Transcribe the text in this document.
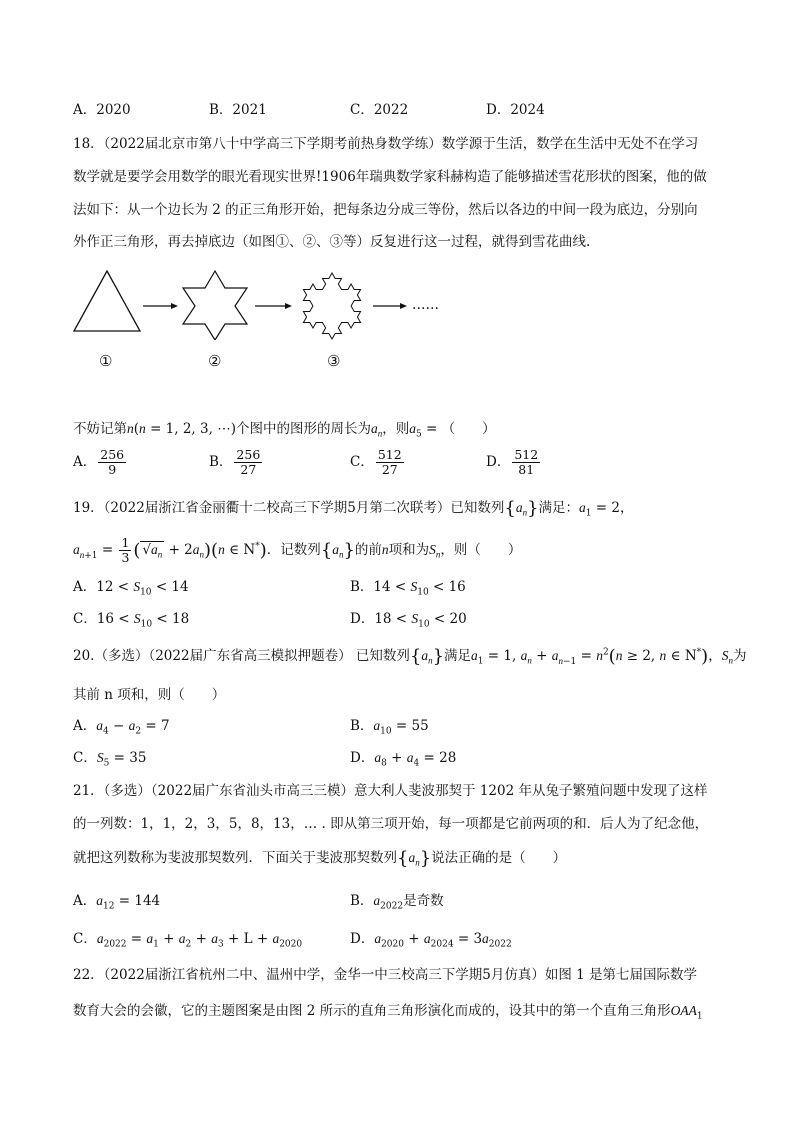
A．2020	B．2021	C．2022	D．2024
18．（2022届北京市第八十中学高三下学期考前热身数学练）数学源于生活，数学在生活中无处不在学习
数学就是要学会用数学的眼光看现实世界!1906年瑞典数学家科赫构造了能够描述雪花形状的图案，他的做
法如下：从一个边长为 2 的正三角形开始，把每条边分成三等份，然后以各边的中间一段为底边，分别向
外作正三角形，再去掉底边（如图①、②、③等）反复进行这一过程，就得到雪花曲线.
……
①	②	③
不妨记第n(n = 1, 2, 3, ⋯)个图中的图形的周长为$a_n$，则$a_5$ = （　　）
A． $\frac{256}{9}$	B． $\frac{256}{27}$	C． $\frac{512}{27}$	D． $\frac{512}{81}$
19．（2022届浙江省金丽衢十二校高三下学期5月第二次联考）已知数列$\{a_n\}$满足：$a_1 = 2$，
$a_{n+1} = \frac{1}{3}$ ( $√a_n + 2a_n)(n$ ∈ N*)．记数列$\{a_n\}$的前n项和为$S_n$，则（　　）
A．$12 < S_{10} < 14$	B．$14 < S_{10} < 16$
C．$16 < S_{10} < 18$	D．$18 < S_{10} < 20$
20.（多选）（2022届广东省高三模拟押题卷） 已知数列$\{a_n\}$满足$a_1 = 1$, $a_n + a_{n-1} = n^2(n \ge 2$, n ∈ N*)，$S_n$为
其前 n 项和，则（　　）
A．$a_4 - a_2 = 7$	B．$a_{10} = 55$
C．$S_5 = 35$	D．$a_8 + a_4 = 28$
21．（多选）（2022届广东省汕头市高三三模）意大利人斐波那契于 1202 年从兔子繁殖问题中发现了这样
的一列数：1，1，2，3，5，8，13，… . 即从第三项开始，每一项都是它前两项的和．后人为了纪念他，
就把这列数称为斐波那契数列．下面关于斐波那契数列$\{a_n\}$说法正确的是（　　）
A．$a_{12} = 144$	B．$a_{2022}$是奇数
C．$a_{2022} = a_1 + a_2 + a_3 + L + a_{2020}$	D．$a_{2020} + a_{2024} = 3a_{2022}$
22．（2022届浙江省杭州二中、温州中学，金华一中三校高三下学期5月仿真）如图 1 是第七届国际数学
数育大会的会徽，它的主题图案是由图 2 所示的直角三角形演化而成的，设其中的第一个直角三角形$OAA_1$
